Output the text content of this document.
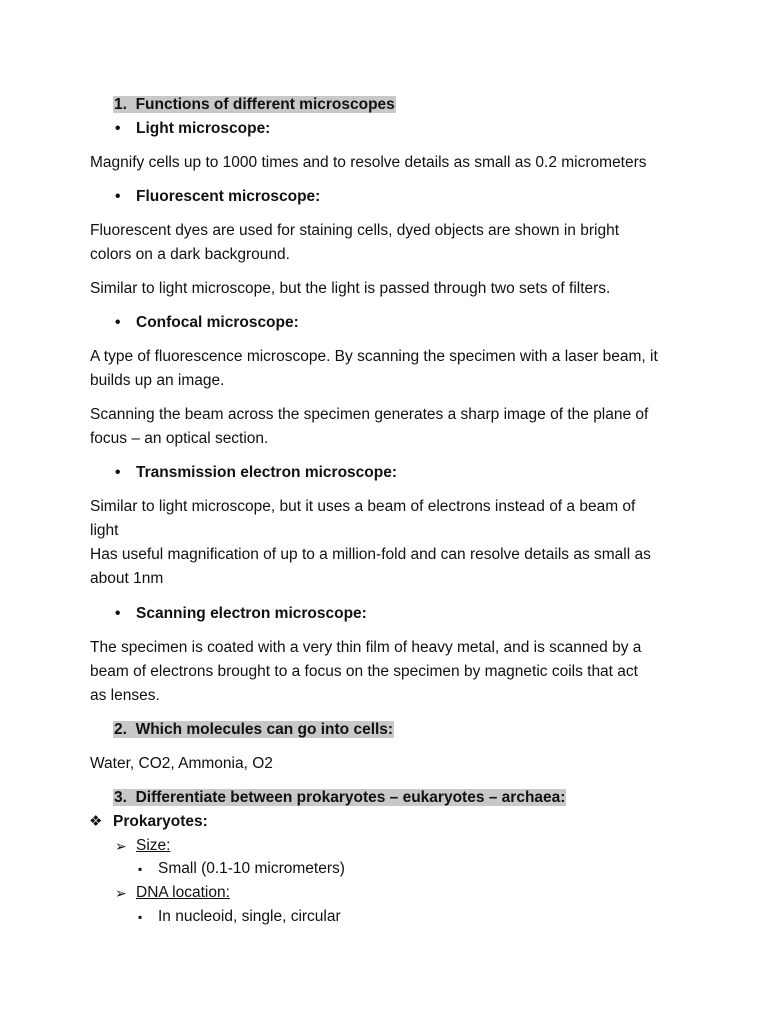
1. Functions of different microscopes
• Light microscope:
Magnify cells up to 1000 times and to resolve details as small as 0.2 micrometers
• Fluorescent microscope:
Fluorescent dyes are used for staining cells, dyed objects are shown in bright
colors on a dark background.
Similar to light microscope, but the light is passed through two sets of filters.
• Confocal microscope:
A type of fluorescence microscope. By scanning the specimen with a laser beam, it
builds up an image.
Scanning the beam across the specimen generates a sharp image of the plane of
focus – an optical section.
• Transmission electron microscope:
Similar to light microscope, but it uses a beam of electrons instead of a beam of
light
Has useful magnification of up to a million-fold and can resolve details as small as
about 1nm
• Scanning electron microscope:
The specimen is coated with a very thin film of heavy metal, and is scanned by a
beam of electrons brought to a focus on the specimen by magnetic coils that act
as lenses.
2. Which molecules can go into cells:
Water, CO2, Ammonia, O2
3. Differentiate between prokaryotes – eukaryotes – archaea:
❖ Prokaryotes:
➢ Size:
▪ Small (0.1-10 micrometers)
➢ DNA location:
▪ In nucleoid, single, circular
